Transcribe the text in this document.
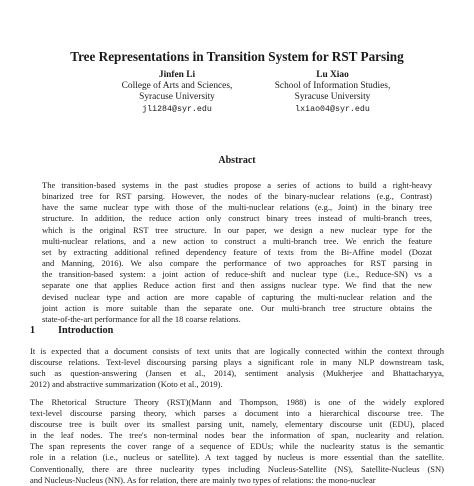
Tree Representations in Transition System for RST Parsing
Jinfen Li
College of Arts and Sciences,
Syracuse University
jli284@syr.edu
Lu Xiao
School of Information Studies,
Syracuse University
lxiao04@syr.edu
Abstract
The transition-based systems in the past studies propose a series of actions to build a right-heavy
binarized tree for RST parsing. However, the nodes of the binary-nuclear relations (e.g., Contrast)
have the same nuclear type with those of the multi-nuclear relations (e.g., Joint) in the binary tree
structure. In addition, the reduce action only construct binary trees instead of multi-branch trees,
which is the original RST tree structure. In our paper, we design a new nuclear type for the
multi-nuclear relations, and a new action to construct a multi-branch tree. We enrich the feature
set by extracting additional refined dependency feature of texts from the Bi-Affine model (Dozat
and Manning, 2016). We also compare the performance of two approaches for RST parsing in
the transition-based system: a joint action of reduce-shift and nuclear type (i.e., Reduce-SN) vs a
separate one that applies Reduce action first and then assigns nuclear type. We find that the new
devised nuclear type and action are more capable of capturing the multi-nuclear relation and the
joint action is more suitable than the separate one. Our multi-branch tree structure obtains the
state-of-the-art performance for all the 18 coarse relations.
1 Introduction
It is expected that a document consists of text units that are logically connected within the context through
discourse relations. Text-level discoursing parsing plays a significant role in many NLP downstream task,
such as question-answering (Jansen et al., 2014), sentiment analysis (Mukherjee and Bhattacharyya,
2012) and abstractive summarization (Koto et al., 2019).
The Rhetorical Structure Theory (RST)(Mann and Thompson, 1988) is one of the widely explored
text-level discourse parsing theory, which parses a document into a hierarchical discourse tree. The
discourse tree is built over its smallest parsing unit, namely, elementary discourse unit (EDU), placed
in the leaf nodes. The tree's non-terminal nodes bear the information of span, nuclearity and relation.
The span represents the cover range of a sequence of EDUs; while the nuclearity status is the semantic
role in a relation (i.e., nucleus or satellite). A text tagged by nucleus is more essential than the satellite.
Conventionally, there are three nuclearity types including Nucleus-Satellite (NS), Satellite-Nucleus (SN)
and Nucleus-Nucleus (NN). As for relation, there are mainly two types of relations: the mono-nuclear
